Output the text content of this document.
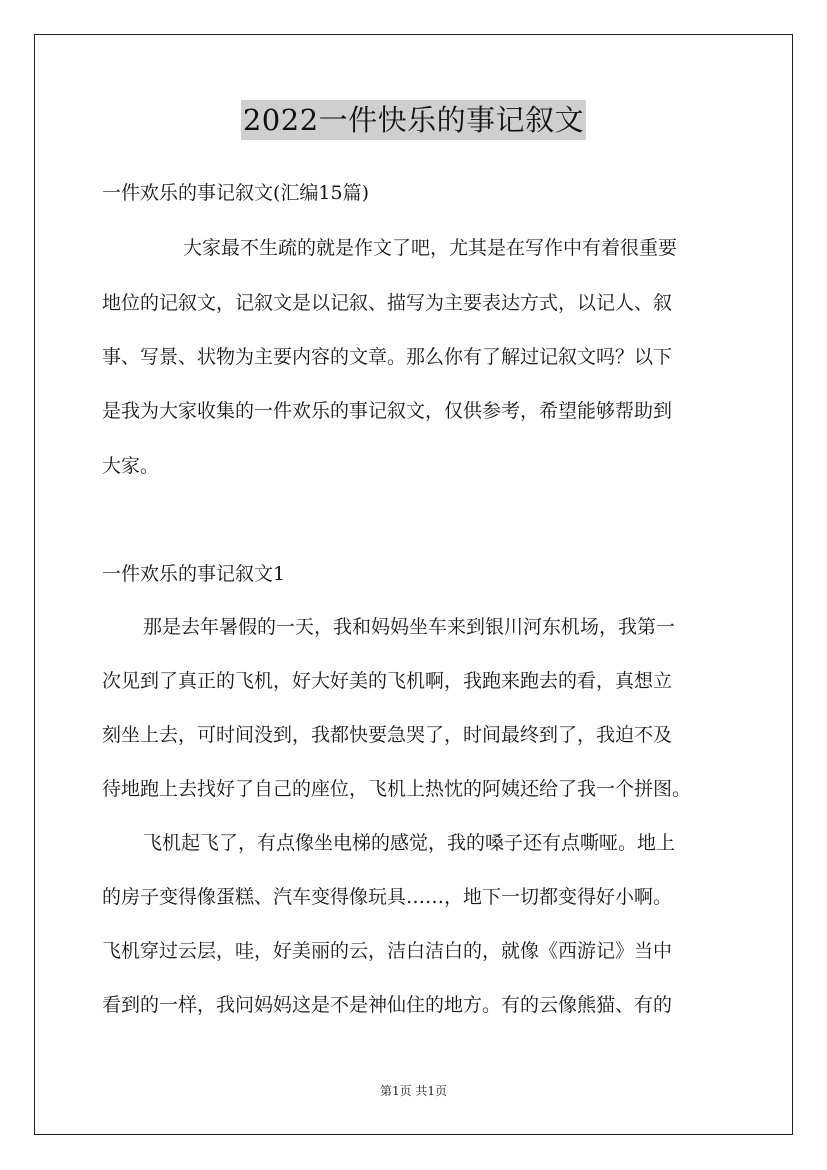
2022一件快乐的事记叙文
一件欢乐的事记叙文(汇编15篇)
大家最不生疏的就是作文了吧，尤其是在写作中有着很重要
地位的记叙文，记叙文是以记叙、描写为主要表达方式，以记人、叙
事、写景、状物为主要内容的文章。那么你有了解过记叙文吗？以下
是我为大家收集的一件欢乐的事记叙文，仅供参考，希望能够帮助到
大家。
一件欢乐的事记叙文1
那是去年暑假的一天，我和妈妈坐车来到银川河东机场，我第一
次见到了真正的飞机，好大好美的飞机啊，我跑来跑去的看，真想立
刻坐上去，可时间没到，我都快要急哭了，时间最终到了，我迫不及
待地跑上去找好了自己的座位，飞机上热忱的阿姨还给了我一个拼图。
飞机起飞了，有点像坐电梯的感觉，我的嗓子还有点嘶哑。地上
的房子变得像蛋糕、汽车变得像玩具……，地下一切都变得好小啊。
飞机穿过云层，哇，好美丽的云，洁白洁白的，就像《西游记》当中
看到的一样，我问妈妈这是不是神仙住的地方。有的云像熊猫、有的
第1页 共1页
